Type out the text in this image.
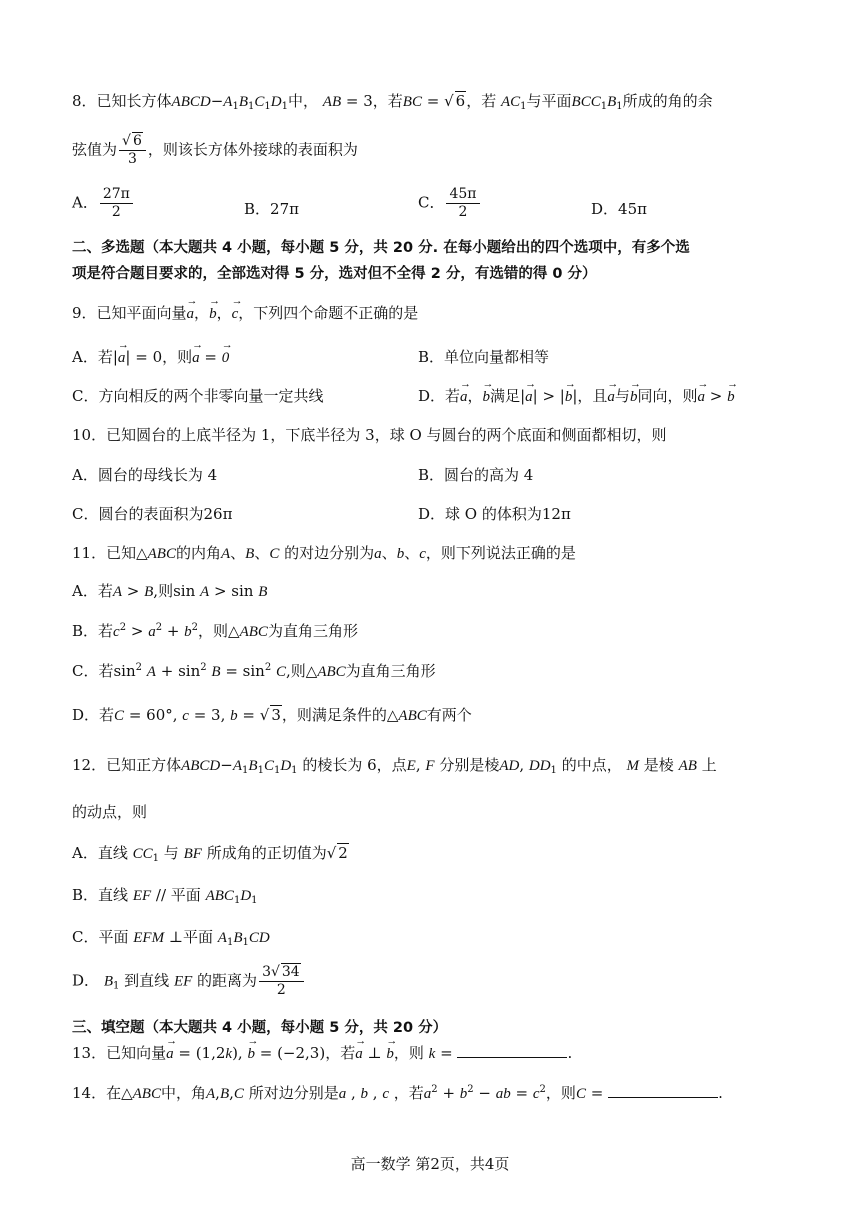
8．已知长方体$ABCD-A_1B_1C_1D_1$中， AB = 3，若BC = √ 6，若 $AC_1$与平面$BCC_1B_1$所成的角的余
弦值为 $\frac{√ 6}{3}$ ，则该长方体外接球的表面积为
A． $\frac{27\pi}{2}$	B．27π	C． $\frac{45\pi}{2}$	D．45π
二、多选题（本大题共 4 小题，每小题 5 分，共 20 分. 在每小题给出的四个选项中，有多个选
项是符合题目要求的，全部选对得 5 分，选对但不全得 2 分，有选错的得 0 分）
9．已知平面向量→ a，→ b，→ c，下列四个命题不正确的是
A．若|→ a| = 0，则→ a = → 0	B．单位向量都相等
C．方向相反的两个非零向量一定共线	D．若→ a，→ b满足|→ a| > |→ b|，且→ a与→ b同向，则→ a > → b
10．已知圆台的上底半径为 1，下底半径为 3，球 O 与圆台的两个底面和侧面都相切，则
A．圆台的母线长为 4	B．圆台的高为 4
C．圆台的表面积为26π	D．球 O 的体积为12π
11．已知△ABC的内角A、B、C 的对边分别为a、b、c，则下列说法正确的是
A．若A > B,则sin A > sin B
B．若$c^2 > a^2 + b^2$，则△ABC为直角三角形
C．若$\sin^2 A + \sin^2 B = \sin^2 C$,则△ABC为直角三角形
D．若C = 60°, c = 3, b = √ 3，则满足条件的△ABC有两个
12．已知正方体$ABCD-A_1B_1C_1D_1$ 的棱长为 6，点E, F 分别是棱AD, $DD_1$ 的中点， M 是棱 AB 上
的动点，则
A．直线 $CC_1$ 与 BF 所成角的正切值为√ 2
B．直线 EF // 平面 $ABC_1D_1$
C．平面 EFM ⊥平面 $A_1B_1CD$
D． $B_1$ 到直线 EF 的距离为 $\frac{3√ 34}{2}$
三、填空题（本大题共 4 小题，每小题 5 分，共 20 分）
13．已知向量→ a = (1,2k), → b = (−2,3)，若→ a ⊥ → b，则 k =	.
14．在△ABC中，角A,B,C 所对边分别是a , b , c ，若$a^2 + b^2$ − ab = $c^2$，则C =	.
高一数学 第2页，共4页
